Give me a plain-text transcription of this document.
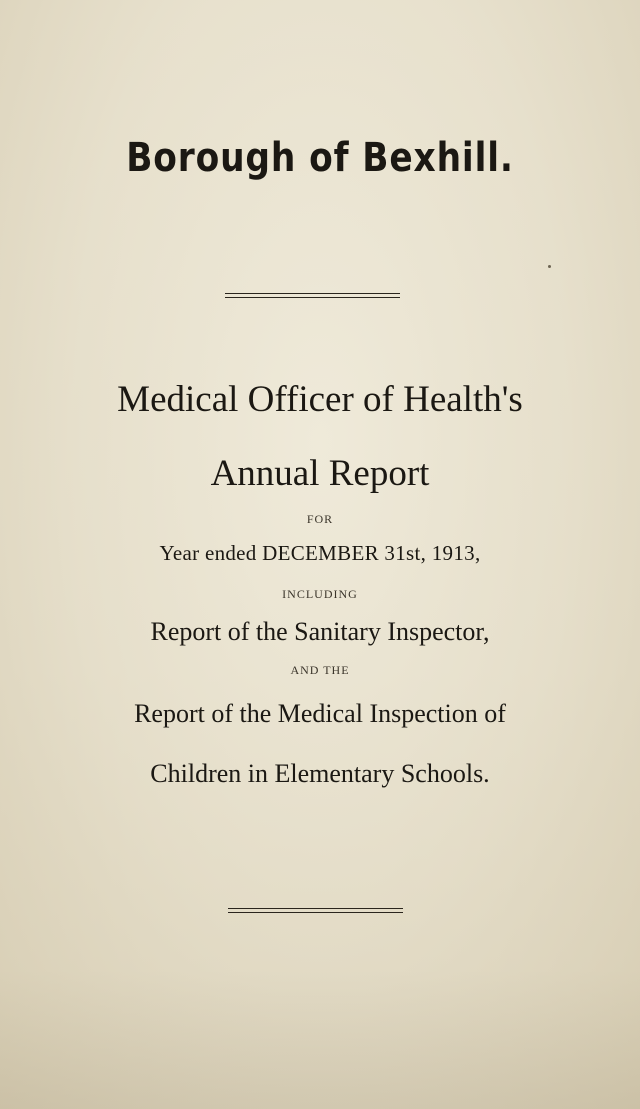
Borough of Bexhill.
Medical Officer of Health's
Annual Report
FOR
Year ended DECEMBER 31st, 1913,
INCLUDING
Report of the Sanitary Inspector,
AND THE
Report of the Medical Inspection of
Children in Elementary Schools.
